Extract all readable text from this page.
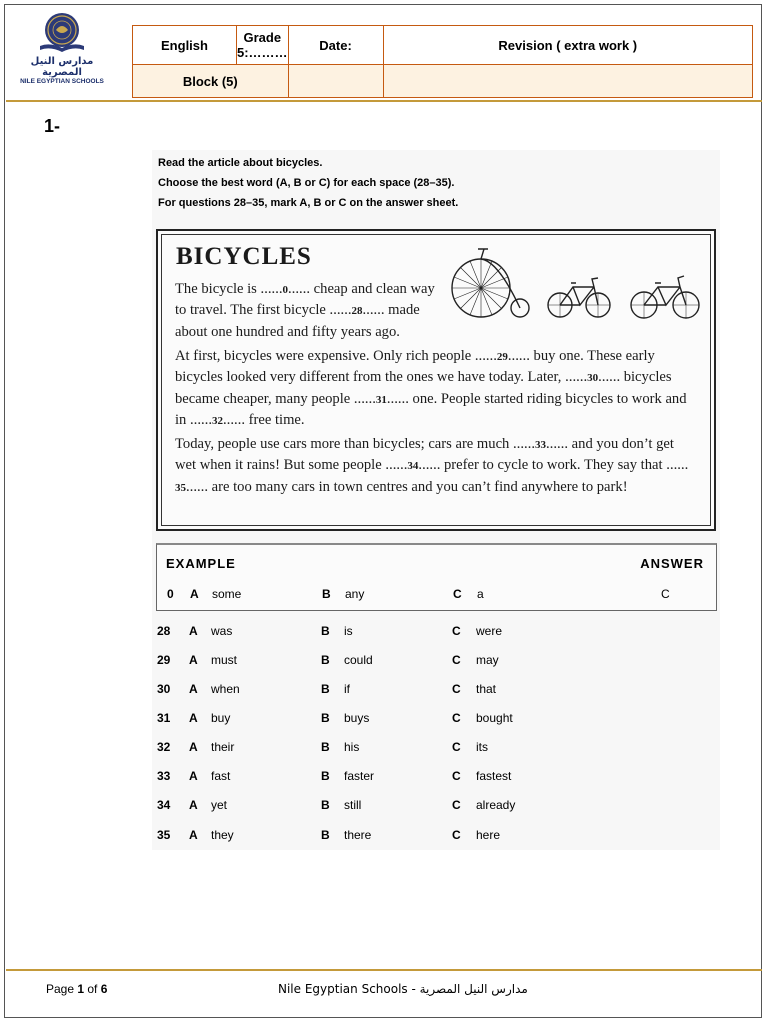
مدارس النيل المصرية
NILE EGYPTIAN SCHOOLS
English	Grade 5:………	Date:	Revision ( extra work )
Block (5)			
1-
Read the article about bicycles.
Choose the best word (A, B or C) for each space (28–35).
For questions 28–35, mark A, B or C on the answer sheet.
BICYCLES
The bicycle is ……0…… cheap and clean way to travel. The first bicycle ……28…… made about one hundred and fifty years ago.
At first, bicycles were expensive. Only rich people ……29…… buy one. These early bicycles looked very different from the ones we have today. Later, ……30…… bicycles became cheaper, many people ……31…… one. People started riding bicycles to work and in ……32…… free time.
Today, people use cars more than bicycles; cars are much ……33…… and you don’t get wet when it rains! But some people ……34…… prefer to cycle to work. They say that ……35…… are too many cars in town centres and you can’t find anywhere to park!
EXAMPLE	ANSWER
0 A some	B any	C a	C
28 A was	B is	C were
29 A must	B could	C may
30 A when	B if	C that
31 A buy	B buys	C bought
32 A their	B his	C its
33 A fast	B faster	C fastest
34 A yet	B still	C already
35 A they	B there	C here
Page 1 of 6	Nile Egyptian Schools - مدارس النيل المصرية
